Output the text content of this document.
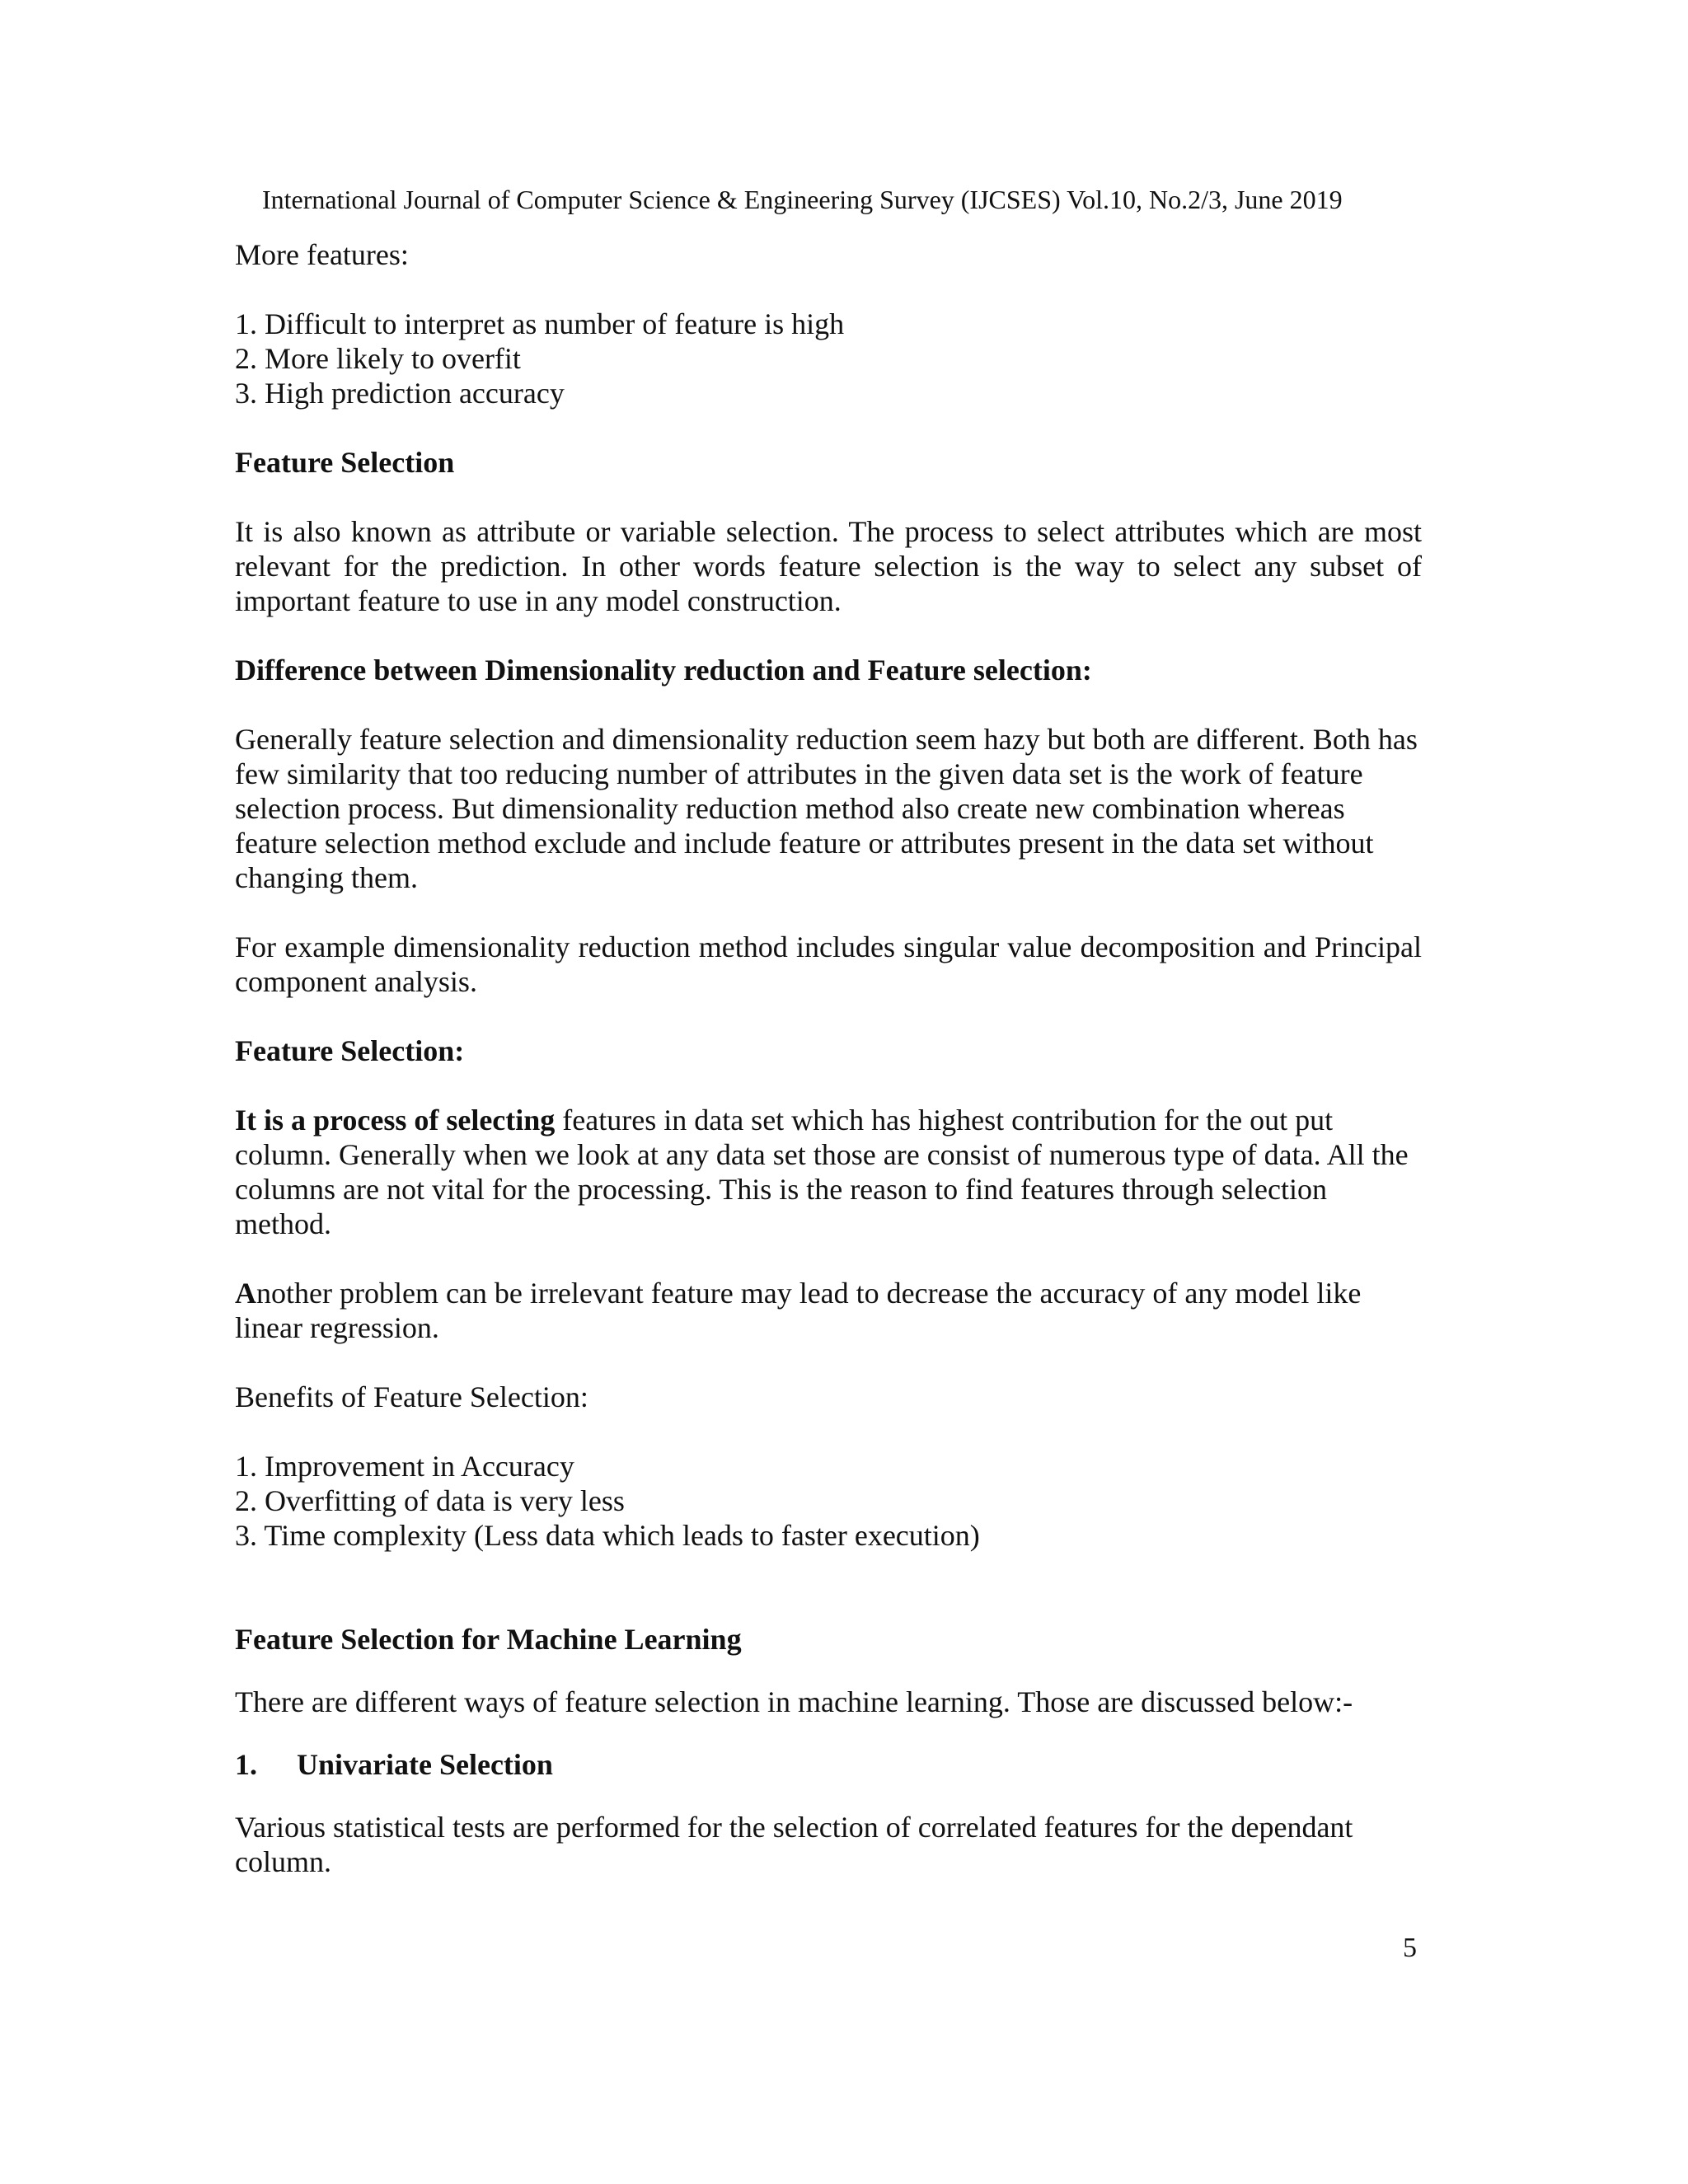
International Journal of Computer Science & Engineering Survey (IJCSES) Vol.10, No.2/3, June 2019

More features:

1. Difficult to interpret as number of feature is high

2. More likely to overfit

3. High prediction accuracy

Feature Selection

It is also known as attribute or variable selection. The process to select attributes which are most relevant for the prediction. In other words feature selection is the way to select any subset of important feature to use in any model construction.

Difference between Dimensionality reduction and Feature selection:

Generally feature selection and dimensionality reduction seem hazy but both are different. Both has few similarity that too reducing number of attributes in the given data set is the work of feature selection process. But dimensionality reduction method also create new combination whereas feature selection method exclude and include feature or attributes present in the data set without changing them.

For example dimensionality reduction method includes singular value decomposition and Principal component analysis.

Feature Selection:

It is a process of selecting features in data set which has highest contribution for the out put column. Generally when we look at any data set those are consist of numerous type of data. All the columns are not vital for the processing. This is the reason to find features through selection method.

Another problem can be irrelevant feature may lead to decrease the accuracy of any model like linear regression.

Benefits of Feature Selection:

1. Improvement in Accuracy

2. Overfitting of data is very less

3. Time complexity (Less data which leads to faster execution)

Feature Selection for Machine Learning

There are different ways of feature selection in machine learning. Those are discussed below:-

1. Univariate Selection

Various statistical tests are performed for the selection of correlated features for the dependant column.

5
